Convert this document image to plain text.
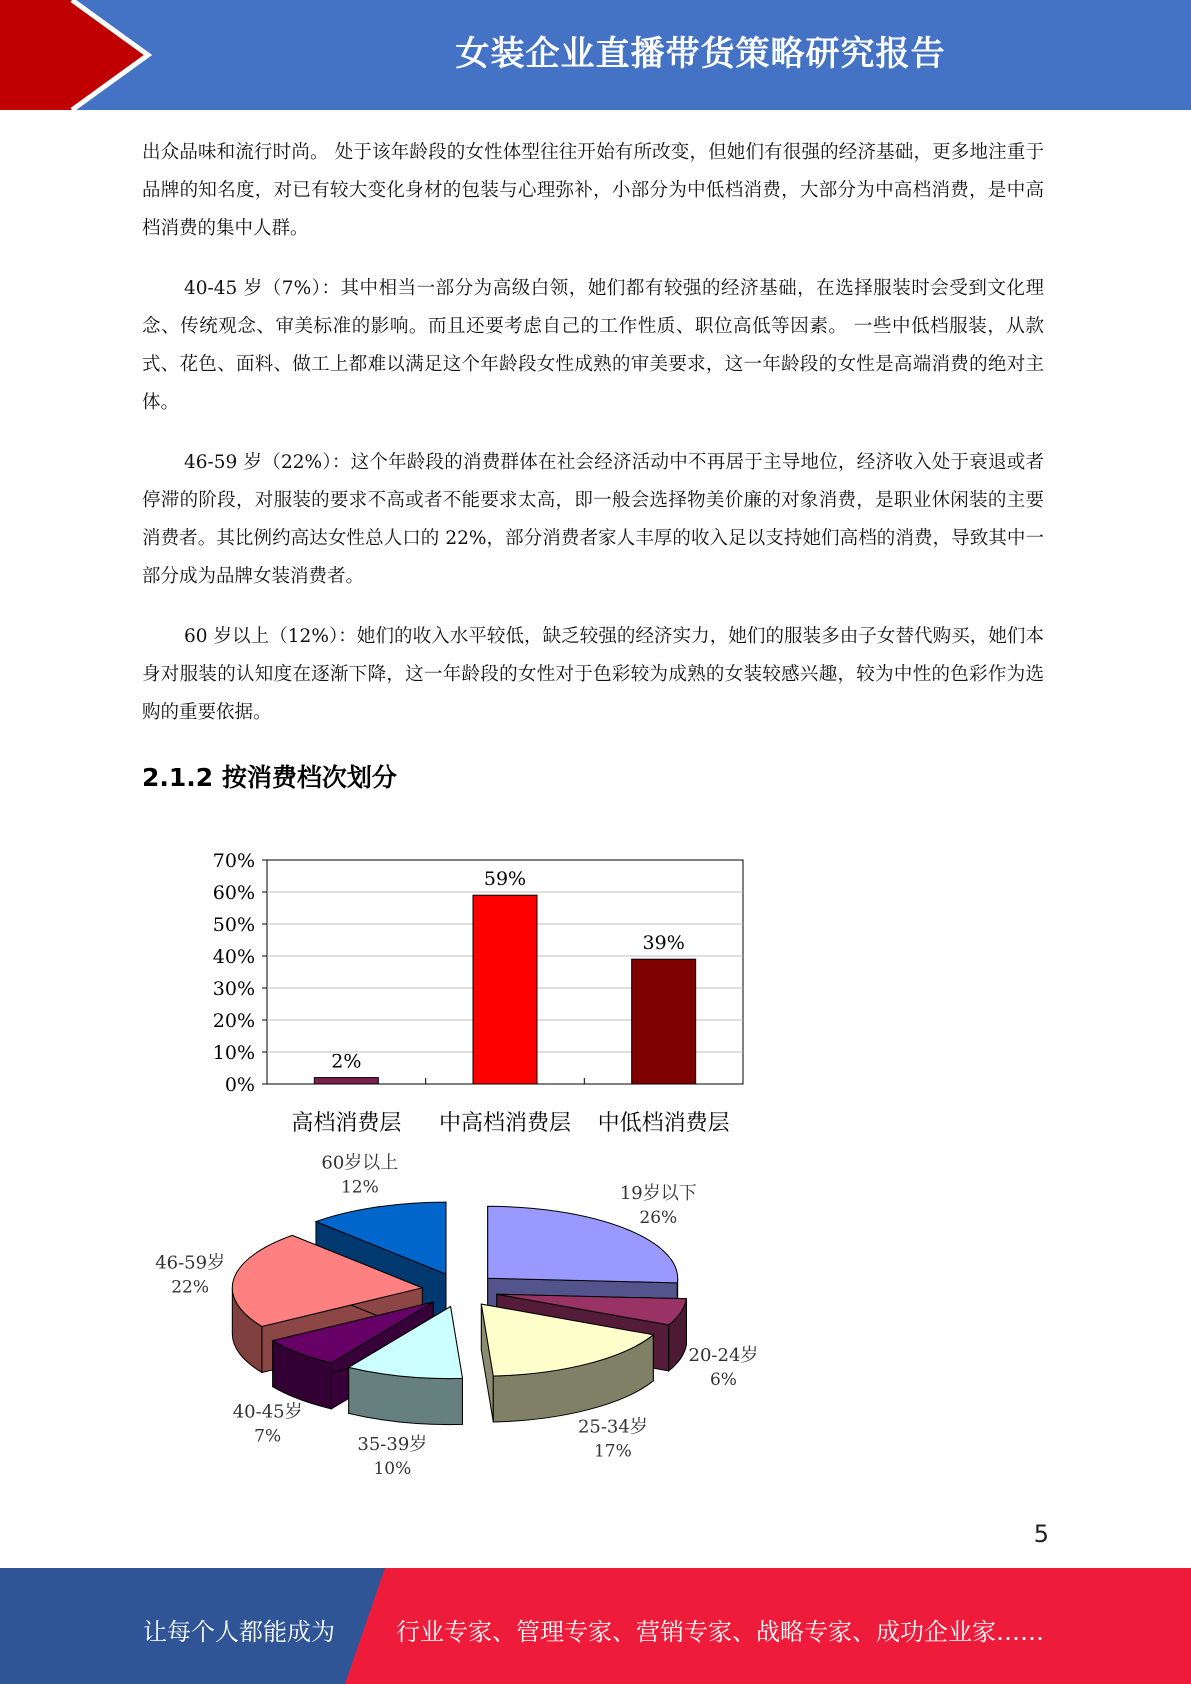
女装企业直播带货策略研究报告

出众品味和流行时尚。 处于该年龄段的女性体型往往开始有所改变，但她们有很强的经济基础，更多地注重于品牌的知名度，对已有较大变化身材的包装与心理弥补，小部分为中低档消费，大部分为中高档消费，是中高档消费的集中人群。

40-45 岁（7%）：其中相当一部分为高级白领，她们都有较强的经济基础，在选择服装时会受到文化理念、传统观念、审美标准的影响。而且还要考虑自己的工作性质、职位高低等因素。 一些中低档服装，从款式、花色、面料、做工上都难以满足这个年龄段女性成熟的审美要求，这一年龄段的女性是高端消费的绝对主体。

46-59 岁（22%）：这个年龄段的消费群体在社会经济活动中不再居于主导地位，经济收入处于衰退或者停滞的阶段，对服装的要求不高或者不能要求太高，即一般会选择物美价廉的对象消费，是职业休闲装的主要消费者。其比例约高达女性总人口的 22%，部分消费者家人丰厚的收入足以支持她们高档的消费，导致其中一部分成为品牌女装消费者。

60 岁以上（12%）：她们的收入水平较低，缺乏较强的经济实力，她们的服装多由子女替代购买，她们本身对服装的认知度在逐渐下降，这一年龄段的女性对于色彩较为成熟的女装较感兴趣，较为中性的色彩作为选购的重要依据。

2.1.2 按消费档次划分
0%
10%
20%
30%
40%
50%
60%
70%
2%
高档消费层
59%
中高档消费层
39%
中低档消费层
19岁以下
26%
20-24岁
6%
25-34岁
17%
35-39岁
10%
40-45岁
7%
46-59岁
22%
60岁以上
12%
5
让每个人都能成为	行业专家、管理专家、营销专家、战略专家、成功企业家……
